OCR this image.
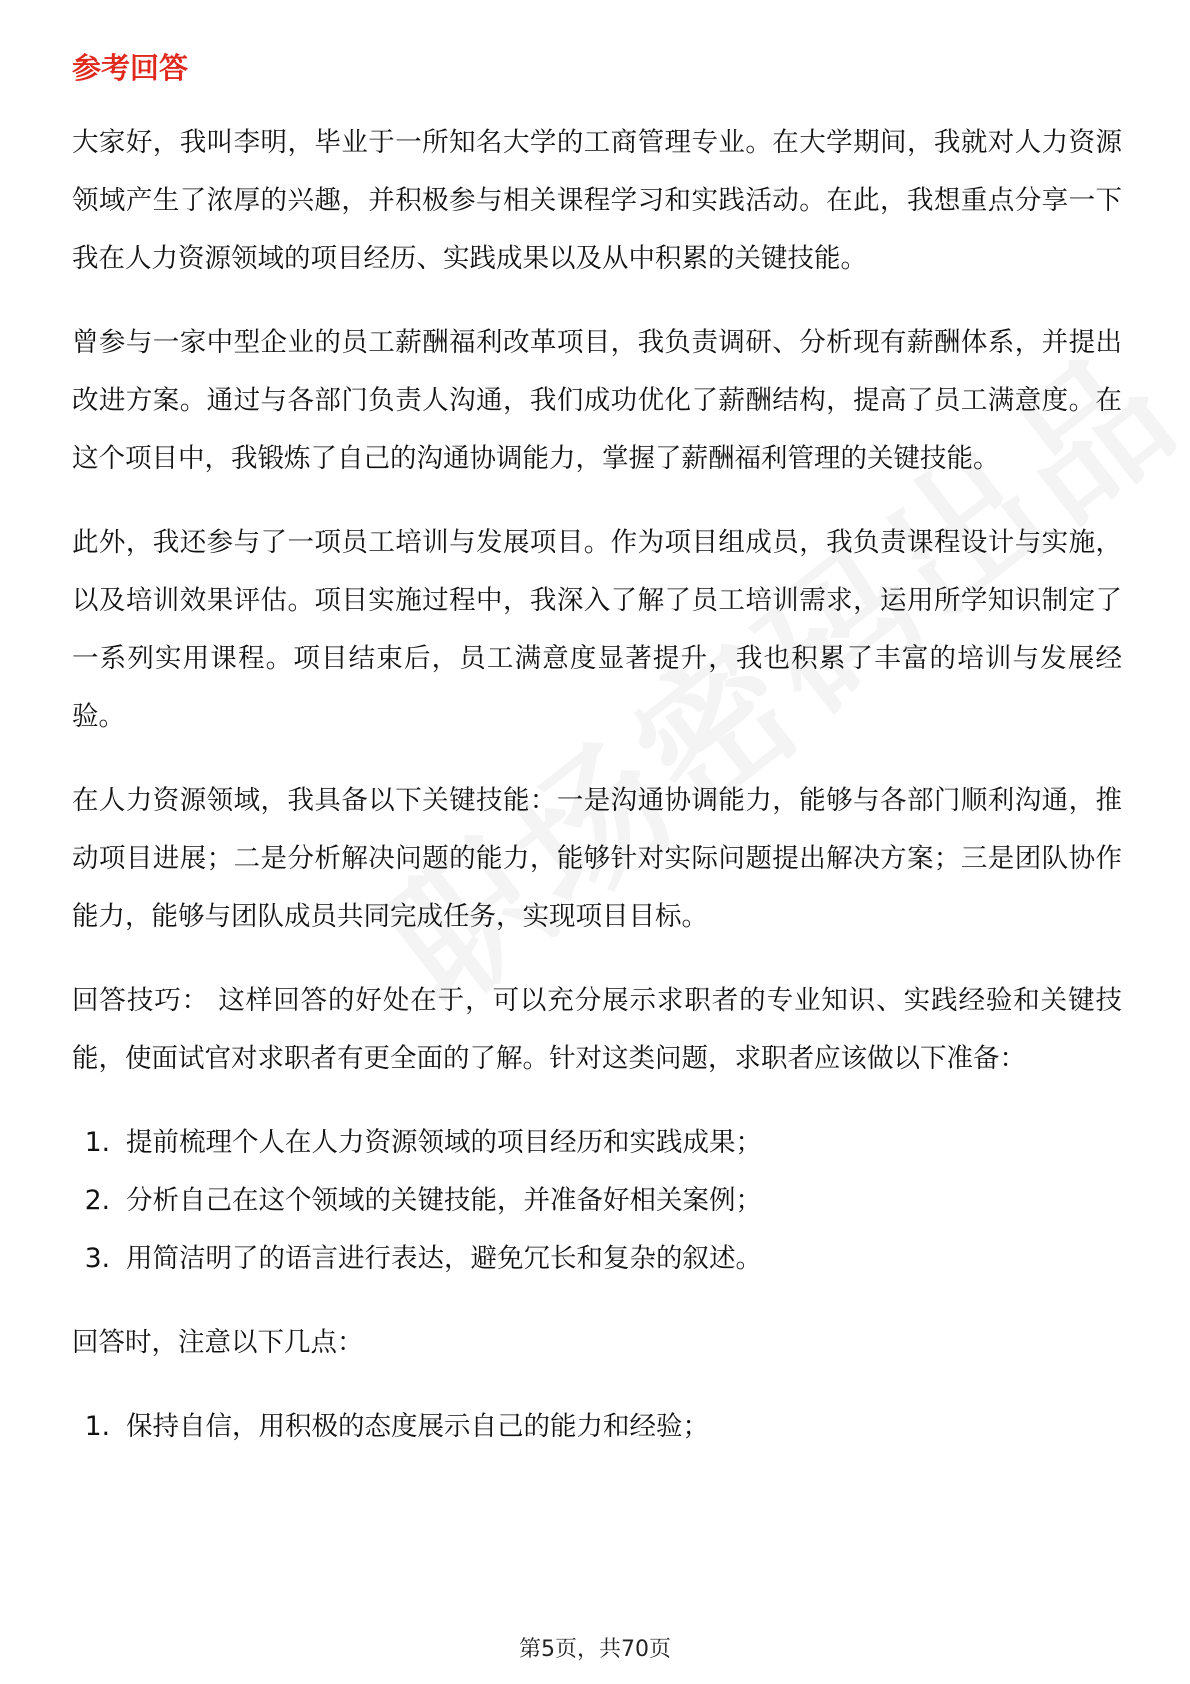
参考回答

大家好，我叫李明，毕业于一所知名大学的工商管理专业。在大学期间，我就对人力资源领域产生了浓厚的兴趣，并积极参与相关课程学习和实践活动。在此，我想重点分享一下我在人力资源领域的项目经历、实践成果以及从中积累的关键技能。

曾参与一家中型企业的员工薪酬福利改革项目，我负责调研、分析现有薪酬体系，并提出改进方案。通过与各部门负责人沟通，我们成功优化了薪酬结构，提高了员工满意度。在这个项目中，我锻炼了自己的沟通协调能力，掌握了薪酬福利管理的关键技能。

此外，我还参与了一项员工培训与发展项目。作为项目组成员，我负责课程设计与实施，以及培训效果评估。项目实施过程中，我深入了解了员工培训需求，运用所学知识制定了一系列实用课程。项目结束后，员工满意度显著提升，我也积累了丰富的培训与发展经验。

在人力资源领域，我具备以下关键技能：一是沟通协调能力，能够与各部门顺利沟通，推动项目进展；二是分析解决问题的能力，能够针对实际问题提出解决方案；三是团队协作能力，能够与团队成员共同完成任务，实现项目目标。

回答技巧： 这样回答的好处在于，可以充分展示求职者的专业知识、实践经验和关键技能，使面试官对求职者有更全面的了解。针对这类问题，求职者应该做以下准备：

1. 提前梳理个人在人力资源领域的项目经历和实践成果；
2. 分析自己在这个领域的关键技能，并准备好相关案例；
3. 用简洁明了的语言进行表达，避免冗长和复杂的叙述。

回答时，注意以下几点：

1. 保持自信，用积极的态度展示自己的能力和经验；
第5页，共70页
